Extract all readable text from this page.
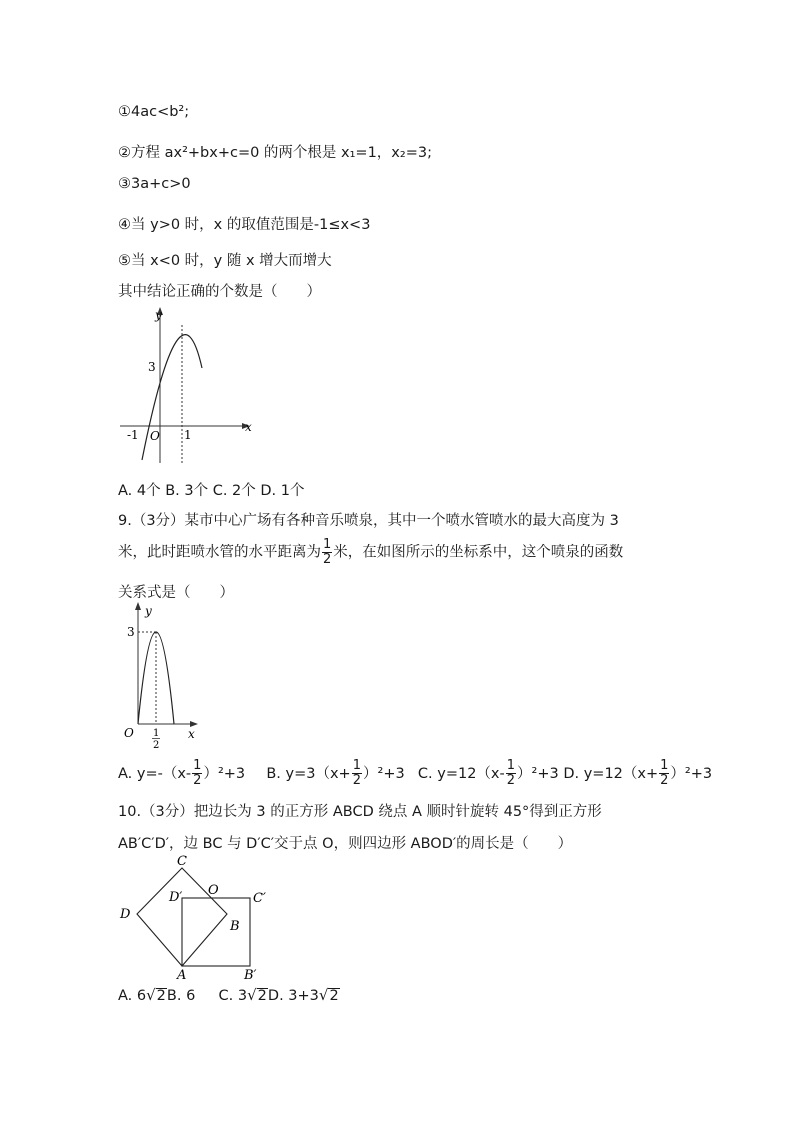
①4ac<b²;
②方程 ax²+bx+c=0 的两个根是 x₁=1，x₂=3;
③3a+c>0
④当 y>0 时，x 的取值范围是-1≤x<3
⑤当 x<0 时，y 随 x 增大而增大
其中结论正确的个数是（　　）
y
x
3
-1 O 1
A. 4个 B. 3个 C. 2个 D. 1个
9.（3分）某市中心广场有各种音乐喷泉，其中一个喷水管喷水的最大高度为 3
米，此时距喷水管的水平距离为 $\frac{1}{2}$ 米，在如图所示的坐标系中，这个喷泉的函数
关系式是（　　）
y
x
3
O 1
2
A. $y=-(x- \frac{1}{2} )^2+3$ B. $y=3(x+ \frac{1}{2} )^2+3$ C. $y=12(x- \frac{1}{2} )^2+3$ D. $y=12(x+ \frac{1}{2} )^2+3$
10.（3分）把边长为 3 的正方形 ABCD 绕点 A 顺时针旋转 45°得到正方形
AB′C′D′，边 BC 与 D′C′交于点 O，则四边形 ABOD′的周长是（　　）
C
D′ O
C′
D
B
A	B′
A. 6√2B. 6 C. 3√2D. 3+3√2
